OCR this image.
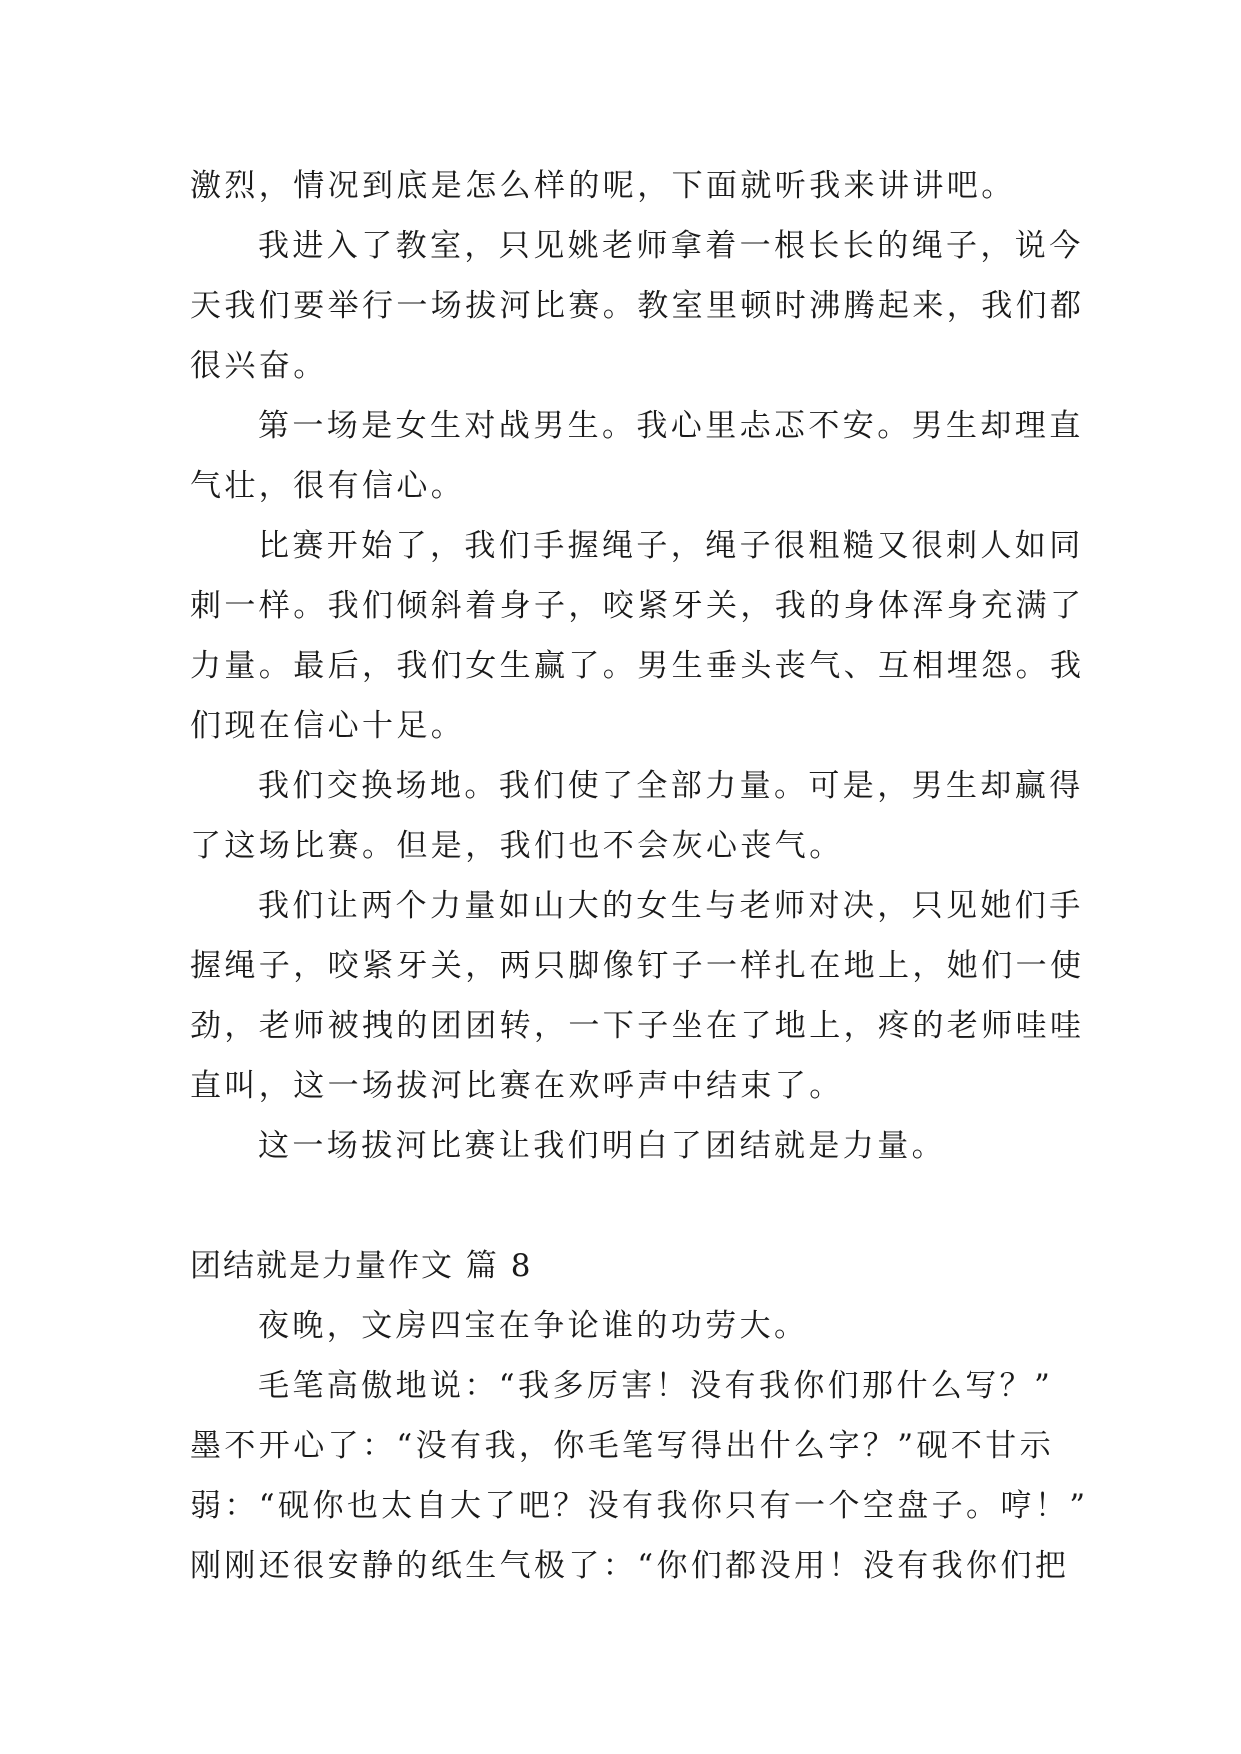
激烈，情况到底是怎么样的呢，下面就听我来讲讲吧。
我进入了教室，只见姚老师拿着一根长长的绳子，说今
天我们要举行一场拔河比赛。教室里顿时沸腾起来，我们都
很兴奋。
第一场是女生对战男生。我心里忐忑不安。男生却理直
气壮，很有信心。
比赛开始了，我们手握绳子，绳子很粗糙又很刺人如同
刺一样。我们倾斜着身子，咬紧牙关，我的身体浑身充满了
力量。最后，我们女生赢了。男生垂头丧气、互相埋怨。我
们现在信心十足。
我们交换场地。我们使了全部力量。可是，男生却赢得
了这场比赛。但是，我们也不会灰心丧气。
我们让两个力量如山大的女生与老师对决，只见她们手
握绳子，咬紧牙关，两只脚像钉子一样扎在地上，她们一使
劲，老师被拽的团团转，一下子坐在了地上，疼的老师哇哇
直叫，这一场拔河比赛在欢呼声中结束了。
这一场拔河比赛让我们明白了团结就是力量。
团结就是力量作文 篇 8
夜晚，文房四宝在争论谁的功劳大。
毛笔高傲地说：“我多厉害！没有我你们那什么写？”
墨不开心了：“没有我，你毛笔写得出什么字？”砚不甘示
弱：“砚你也太自大了吧？没有我你只有一个空盘子。哼！”
刚刚还很安静的纸生气极了：“你们都没用！没有我你们把
